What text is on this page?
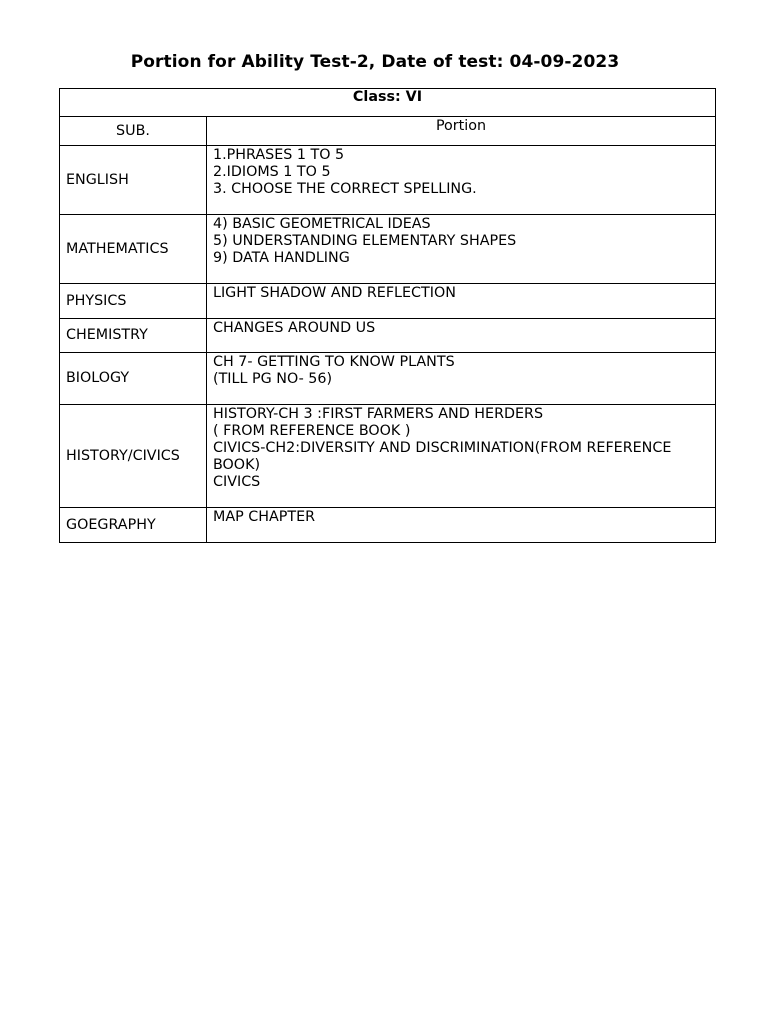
Portion for Ability Test-2, Date of test: 04-09-2023
Class: VI	
SUB.	Portion
ENGLISH	1.PHRASES 1 TO 5
2.IDIOMS 1 TO 5
3. CHOOSE THE CORRECT SPELLING.

MATHEMATICS	4) BASIC GEOMETRICAL IDEAS
5) UNDERSTANDING ELEMENTARY SHAPES
9) DATA HANDLING

PHYSICS	LIGHT SHADOW AND REFLECTION

CHEMISTRY	CHANGES AROUND US

BIOLOGY	CH 7- GETTING TO KNOW PLANTS
(TILL PG NO- 56)

HISTORY/CIVICS	HISTORY-CH 3 :FIRST FARMERS AND HERDERS
( FROM REFERENCE BOOK )
CIVICS-CH2:DIVERSITY AND DISCRIMINATION(FROM REFERENCE BOOK)
CIVICS

GOEGRAPHY	MAP CHAPTER
